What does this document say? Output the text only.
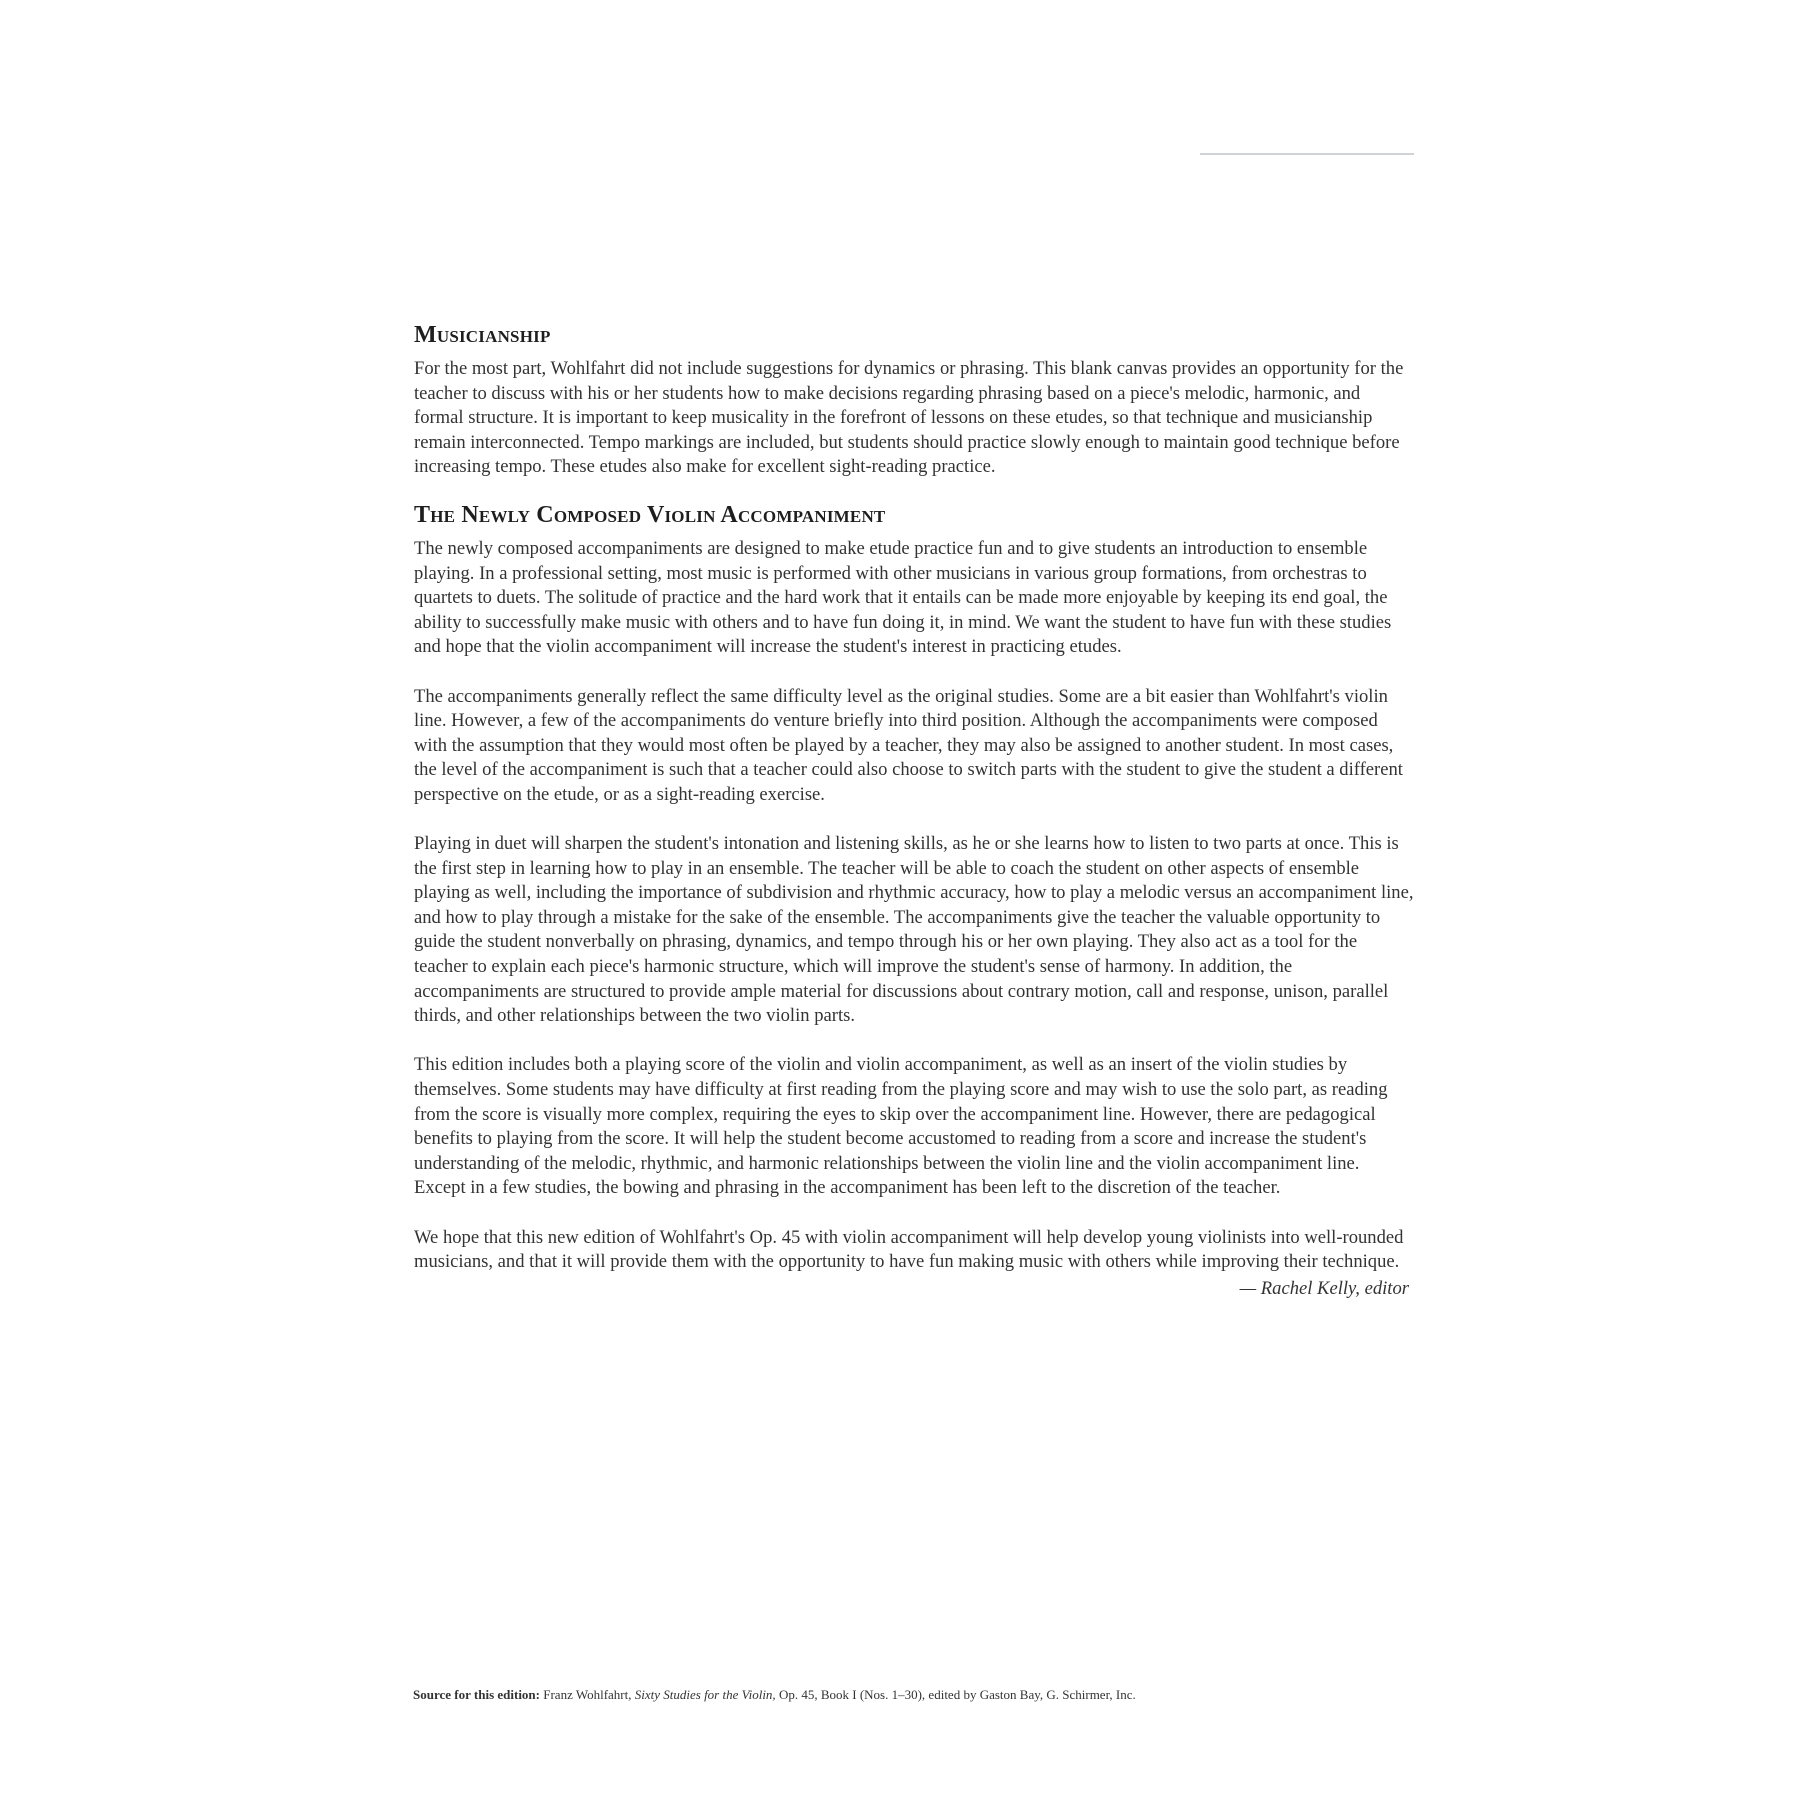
Musicianship

For the most part, Wohlfahrt did not include suggestions for dynamics or phrasing. This blank canvas provides an opportunity for the teacher to discuss with his or her students how to make decisions regarding phrasing based on a piece's melodic, harmonic, and formal structure. It is important to keep musicality in the forefront of lessons on these etudes, so that technique and musicianship remain interconnected. Tempo markings are included, but students should practice slowly enough to maintain good technique before increasing tempo. These etudes also make for excellent sight-reading practice.

The Newly Composed Violin Accompaniment

The newly composed accompaniments are designed to make etude practice fun and to give students an introduction to ensemble playing. In a professional setting, most music is performed with other musicians in various group formations, from orchestras to quartets to duets. The solitude of practice and the hard work that it entails can be made more enjoyable by keeping its end goal, the ability to successfully make music with others and to have fun doing it, in mind. We want the student to have fun with these studies and hope that the violin accompaniment will increase the student's interest in practicing etudes.

The accompaniments generally reflect the same difficulty level as the original studies. Some are a bit easier than Wohlfahrt's violin line. However, a few of the accompaniments do venture briefly into third position. Although the accompaniments were composed with the assumption that they would most often be played by a teacher, they may also be assigned to another student. In most cases, the level of the accompaniment is such that a teacher could also choose to switch parts with the student to give the student a different perspective on the etude, or as a sight-reading exercise.

Playing in duet will sharpen the student's intonation and listening skills, as he or she learns how to listen to two parts at once. This is the first step in learning how to play in an ensemble. The teacher will be able to coach the student on other aspects of ensemble playing as well, including the importance of subdivision and rhythmic accuracy, how to play a melodic versus an accompaniment line, and how to play through a mistake for the sake of the ensemble. The accompaniments give the teacher the valuable opportunity to guide the student nonverbally on phrasing, dynamics, and tempo through his or her own playing. They also act as a tool for the teacher to explain each piece's harmonic structure, which will improve the student's sense of harmony. In addition, the accompaniments are structured to provide ample material for discussions about contrary motion, call and response, unison, parallel thirds, and other relationships between the two violin parts.

This edition includes both a playing score of the violin and violin accompaniment, as well as an insert of the violin studies by themselves. Some students may have difficulty at first reading from the playing score and may wish to use the solo part, as reading from the score is visually more complex, requiring the eyes to skip over the accompaniment line. However, there are pedagogical benefits to playing from the score. It will help the student become accustomed to reading from a score and increase the student's understanding of the melodic, rhythmic, and harmonic relationships between the violin line and the violin accompaniment line. Except in a few studies, the bowing and phrasing in the accompaniment has been left to the discretion of the teacher.

We hope that this new edition of Wohlfahrt's Op. 45 with violin accompaniment will help develop young violinists into well-rounded musicians, and that it will provide them with the opportunity to have fun making music with others while improving their technique.

— Rachel Kelly, editor
Source for this edition: Franz Wohlfahrt, Sixty Studies for the Violin, Op. 45, Book I (Nos. 1–30), edited by Gaston Bay, G. Schirmer, Inc.
